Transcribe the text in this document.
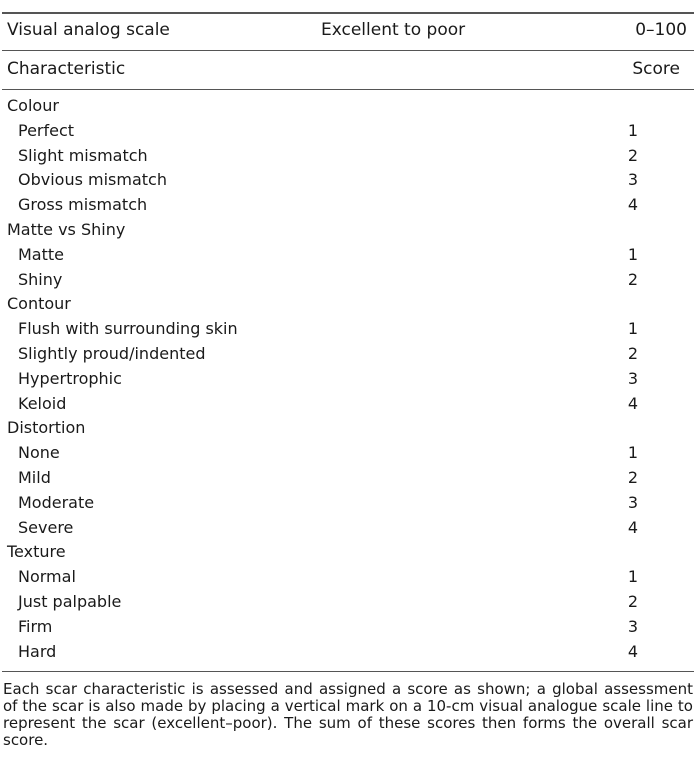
Visual analog scale	Excellent to poor	0–100
Characteristic	Score
Colour
Perfect	1
Slight mismatch	2
Obvious mismatch	3
Gross mismatch	4
Matte vs Shiny
Matte	1
Shiny	2
Contour
Flush with surrounding skin	1
Slightly proud/indented	2
Hypertrophic	3
Keloid	4
Distortion
None	1
Mild	2
Moderate	3
Severe	4
Texture
Normal	1
Just palpable	2
Firm	3
Hard	4

Each scar characteristic is assessed and assigned a score as shown; a global assessment of the scar is also made by placing a vertical mark on a 10-cm visual analogue scale line to represent the scar (excellent–poor). The sum of these scores then forms the overall scar score.
